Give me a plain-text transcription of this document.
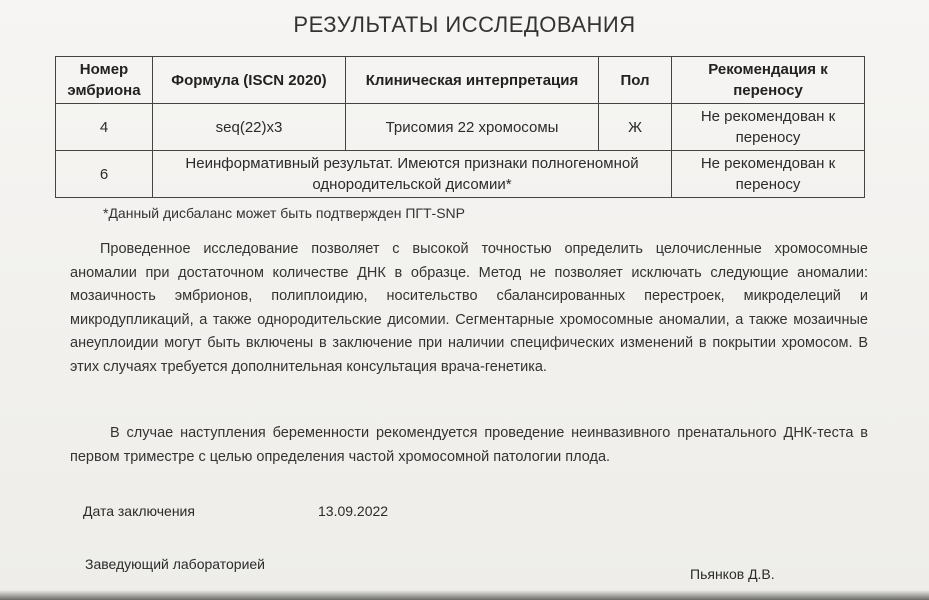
РЕЗУЛЬТАТЫ ИССЛЕДОВАНИЯ
Номер эмбриона	Формула (ISCN 2020)	Клиническая интерпретация	Пол	Рекомендация к переносу
4	seq(22)x3	Трисомия 22 хромосомы	Ж	Не рекомендован к переносу
6	Неинформативный результат. Имеются признаки полногеномной однородительской дисомии*			Не рекомендован к переносу
*Данный дисбаланс может быть подтвержден ПГТ-SNP
Проведенное исследование позволяет с высокой точностью определить целочисленные хромосомные аномалии при достаточном количестве ДНК в образце. Метод не позволяет исключать следующие аномалии: мозаичность эмбрионов, полиплоидию, носительство сбалансированных перестроек, микроделеций и микродупликаций, а также однородительские дисомии. Сегментарные хромосомные аномалии, а также мозаичные анеуплоидии могут быть включены в заключение при наличии специфических изменений в покрытии хромосом. В этих случаях требуется дополнительная консультация врача-генетика.
В случае наступления беременности рекомендуется проведение неинвазивного пренатального ДНК-теста в первом триместре с целью определения частой хромосомной патологии плода.
Дата заключения	13.09.2022
Заведующий лабораторией
Пьянков Д.В.
